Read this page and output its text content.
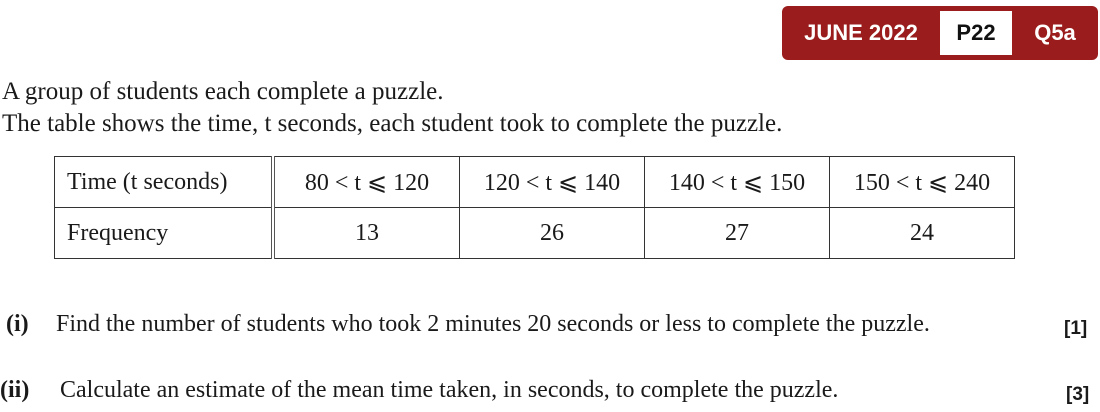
JUNE 2022	P22	Q5a
A group of students each complete a puzzle.
The table shows the time, t seconds, each student took to complete the puzzle.
Time (t seconds)	80 < t ⩽ 120	120 < t ⩽ 140	140 < t ⩽ 150	150 < t ⩽ 240
Frequency	13	26	27	24
(i) Find the number of students who took 2 minutes 20 seconds or less to complete the puzzle.	[1]
(ii) Calculate an estimate of the mean time taken, in seconds, to complete the puzzle.	[3]
